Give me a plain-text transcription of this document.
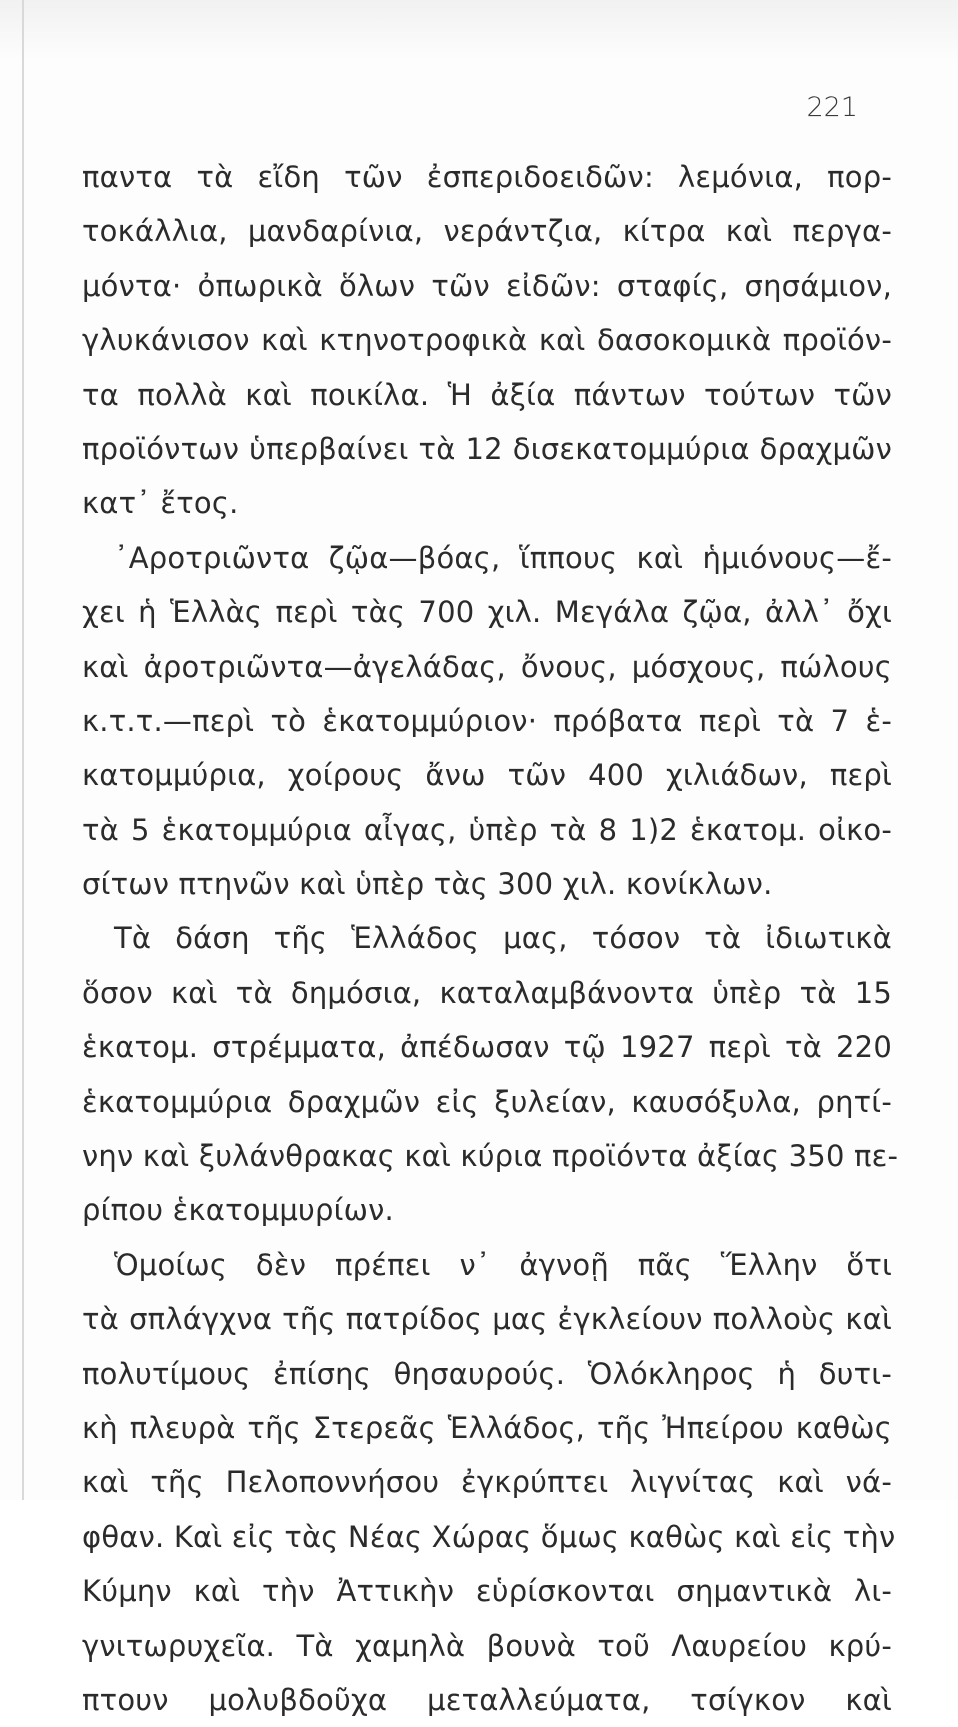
221
παντα τὰ εἴδη τῶν ἐσπεριδοειδῶν: λεμόνια, πορ-
τοκάλλια, μανδαρίνια, νεράντζια, κίτρα καὶ περγα-
μόντα· ὀπωρικὰ ὅλων τῶν εἰδῶν: σταφίς, σησάμιον,
γλυκάνισον καὶ κτηνοτροφικὰ καὶ δασοκομικὰ προϊόν-
τα πολλὰ καὶ ποικίλα. Ἡ ἀξία πάντων τούτων τῶν
προϊόντων ὑπερβαίνει τὰ 12 δισεκατομμύρια δραχμῶν
κατ᾽ ἔτος.
᾽Αροτριῶντα ζῷα—βόας, ἵππους καὶ ἡμιόνους—ἔ-
χει ἡ Ἑλλὰς περὶ τὰς 700 χιλ. Μεγάλα ζῷα, ἀλλ᾽ ὄχι
καὶ ἀροτριῶντα—ἀγελάδας, ὄνους, μόσχους, πώλους
κ.τ.τ.—περὶ τὸ ἑκατομμύριον· πρόβατα περὶ τὰ 7 ἑ-
κατομμύρια, χοίρους ἄνω τῶν 400 χιλιάδων, περὶ
τὰ 5 ἑκατομμύρια αἶγας, ὑπὲρ τὰ 8 1)2 ἑκατομ. οἰκο-
σίτων πτηνῶν καὶ ὑπὲρ τὰς 300 χιλ. κονίκλων.
Τὰ δάση τῆς Ἑλλάδος μας, τόσον τὰ ἰδιωτικὰ
ὅσον καὶ τὰ δημόσια, καταλαμβάνοντα ὑπὲρ τὰ 15
ἑκατομ. στρέμματα, ἀπέδωσαν τῷ 1927 περὶ τὰ 220
ἑκατομμύρια δραχμῶν εἰς ξυλείαν, καυσόξυλα, ρητί-
νην καὶ ξυλάνθρακας καὶ κύρια προϊόντα ἀξίας 350 πε-
ρίπου ἑκατομμυρίων.
Ὁμοίως δὲν πρέπει ν᾽ ἀγνοῇ πᾶς Ἕλλην ὅτι
τὰ σπλάγχνα τῆς πατρίδος μας ἐγκλείουν πολλοὺς καὶ
πολυτίμους ἐπίσης θησαυρούς. Ὁλόκληρος ἡ δυτι-
κὴ πλευρὰ τῆς Στερεᾶς Ἑλλάδος, τῆς Ἠπείρου καθὼς
καὶ τῆς Πελοποννήσου ἐγκρύπτει λιγνίτας καὶ νά-
φθαν. Καὶ εἰς τὰς Νέας Χώρας ὅμως καθὼς καὶ εἰς τὴν
Κύμην καὶ τὴν Ἀττικὴν εὑρίσκονται σημαντικὰ λι-
γνιτωρυχεῖα. Τὰ χαμηλὰ βουνὰ τοῦ Λαυρείου κρύ-
πτουν μολυβδοῦχα μεταλλεύματα, τσίγκον καὶ
